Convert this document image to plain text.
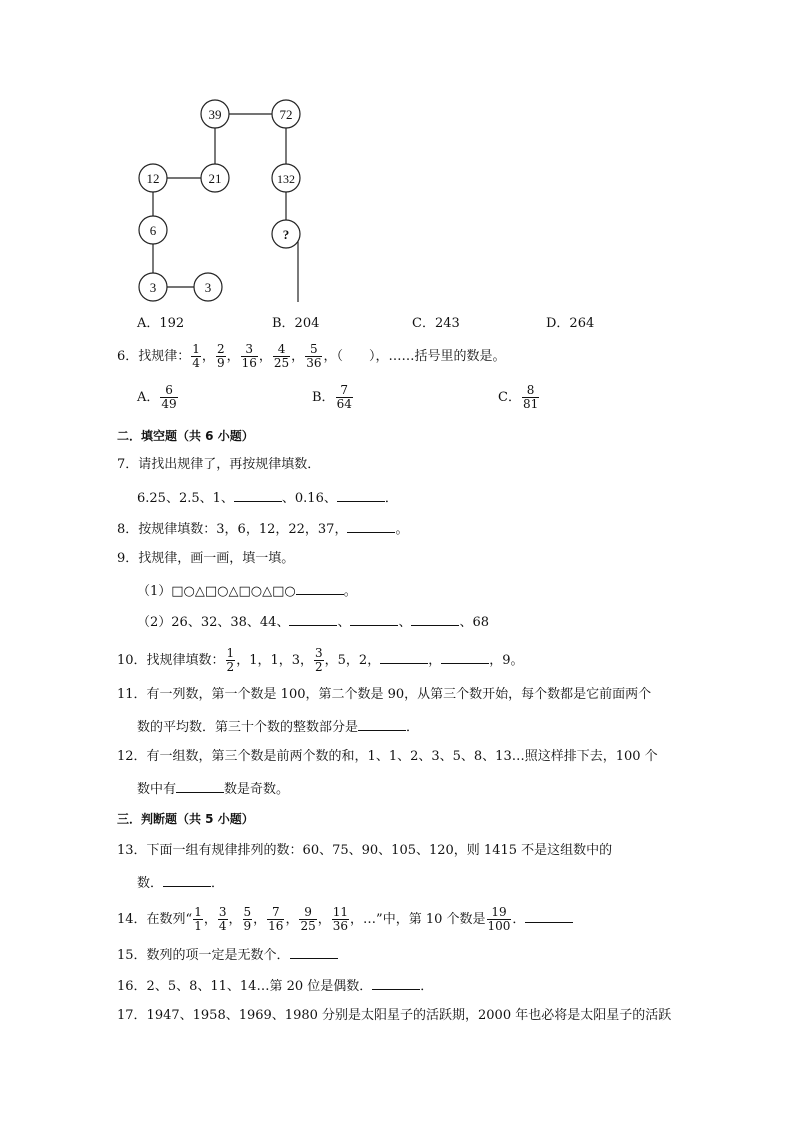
39	72
12	21	132
6	?
3	3
A．192	B．204	C．243	D．264
6．找规律： $\frac{1}{4}$ ， $\frac{2}{9}$ ， $\frac{3}{16}$ ， $\frac{4}{25}$ ， $\frac{5}{36}$ ，（　　），……括号里的数是。
A． $\frac{6}{49}$	B． $\frac{7}{64}$	C． $\frac{8}{81}$
二．填空题（共 6 小题）
7．请找出规律了，再按规律填数．
6.25、2.5、1、	、0.16、	．
8．按规律填数：3，6，12，22，37，	。
9．找规律，画一画，填一填。
（1）□○△□○△□○△□○	。
（2）26、32、38、44、	、	、	、68
10．找规律填数： $\frac{1}{2}$ ，1，1，3， $\frac{3}{2}$ ，5，2，	，	，9。
11．有一列数，第一个数是 100，第二个数是 90，从第三个数开始，每个数都是它前面两个
数的平均数．第三十个数的整数部分是	．
12．有一组数，第三个数是前两个数的和，1、1、2、3、5、8、13…照这样排下去，100 个
数中有	数是奇数。
三．判断题（共 5 小题）
13．下面一组有规律排列的数：60、75、90、105、120，则 1415 不是这组数中的
数．	．
14．在数列“ $\frac{1}{1}$ ， $\frac{3}{4}$ ， $\frac{5}{9}$ ， $\frac{7}{16}$ ， $\frac{9}{25}$ ， $\frac{11}{36}$ ，…”中，第 10 个数是 $\frac{19}{100}$ ．
15．数列的项一定是无数个．
16．2、5、8、11、14…第 20 位是偶数．	．
17．1947、1958、1969、1980 分别是太阳星子的活跃期，2000 年也必将是太阳星子的活跃
